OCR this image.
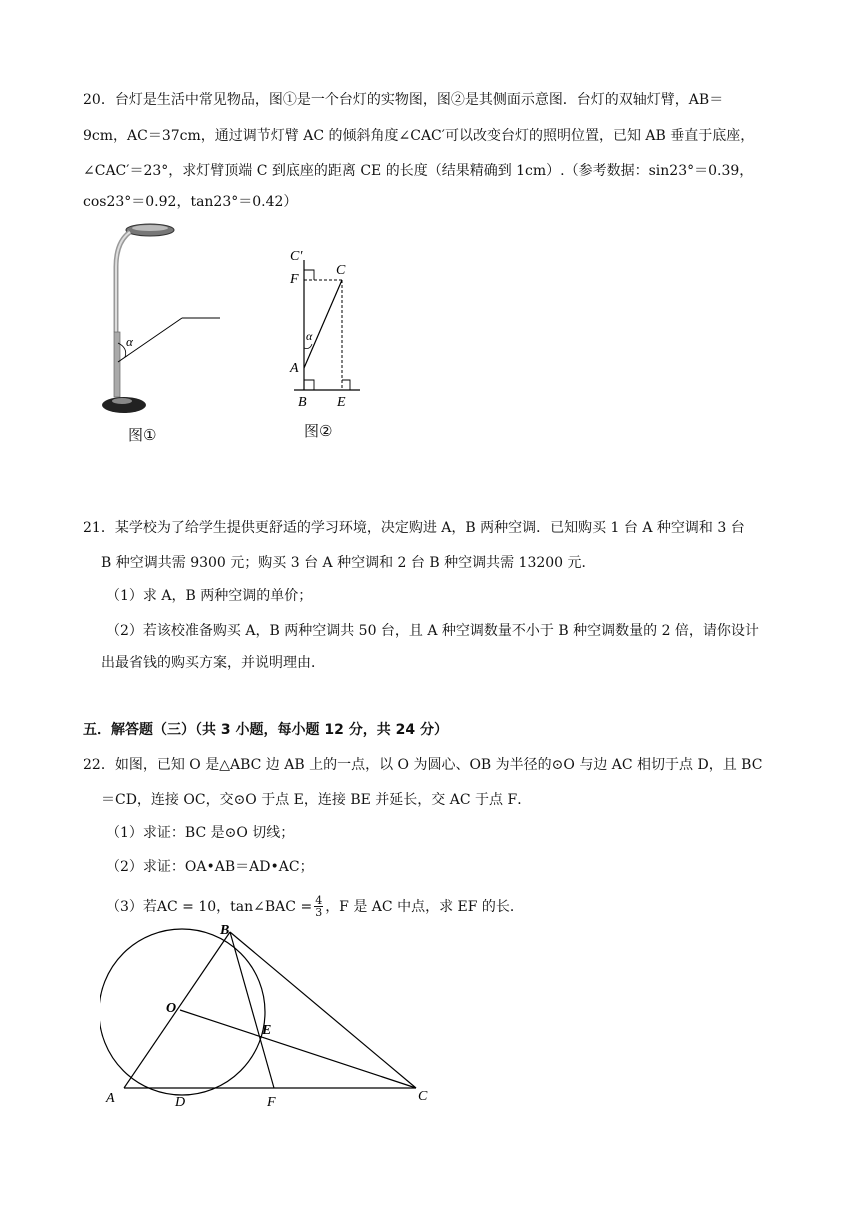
20．台灯是生活中常见物品，图①是一个台灯的实物图，图②是其侧面示意图．台灯的双轴灯臂，AB＝
9cm，AC＝37cm，通过调节灯臂 AC 的倾斜角度∠CAC′可以改变台灯的照明位置，已知 AB 垂直于底座，
∠CAC′＝23°，求灯臂顶端 C 到底座的距离 CE 的长度（结果精确到 1cm）.（参考数据：sin23°＝0.39，
cos23°＝0.92，tan23°＝0.42）
α
图①
C′
F
C
α
A
B E
图②
21．某学校为了给学生提供更舒适的学习环境，决定购进 A，B 两种空调．已知购买 1 台 A 种空调和 3 台
B 种空调共需 9300 元；购买 3 台 A 种空调和 2 台 B 种空调共需 13200 元．
（1）求 A，B 两种空调的单价；
（2）若该校准备购买 A，B 两种空调共 50 台，且 A 种空调数量不小于 B 种空调数量的 2 倍，请你设计
出最省钱的购买方案，并说明理由．
五．解答题（三）（共 3 小题，每小题 12 分，共 24 分）
22．如图，已知 O 是△ABC 边 AB 上的一点，以 O 为圆心、OB 为半径的⊙O 与边 AC 相切于点 D，且 BC
＝CD，连接 OC，交⊙O 于点 E，连接 BE 并延长，交 AC 于点 F．
（1）求证：BC 是⊙O 切线；
（2）求证：OA•AB＝AD•AC；
（3）若AC = 10，tan∠BAC = $\frac{4}{3}$ ，F 是 AC 中点，求 EF 的长．
B
O
E
A	D	F	C
